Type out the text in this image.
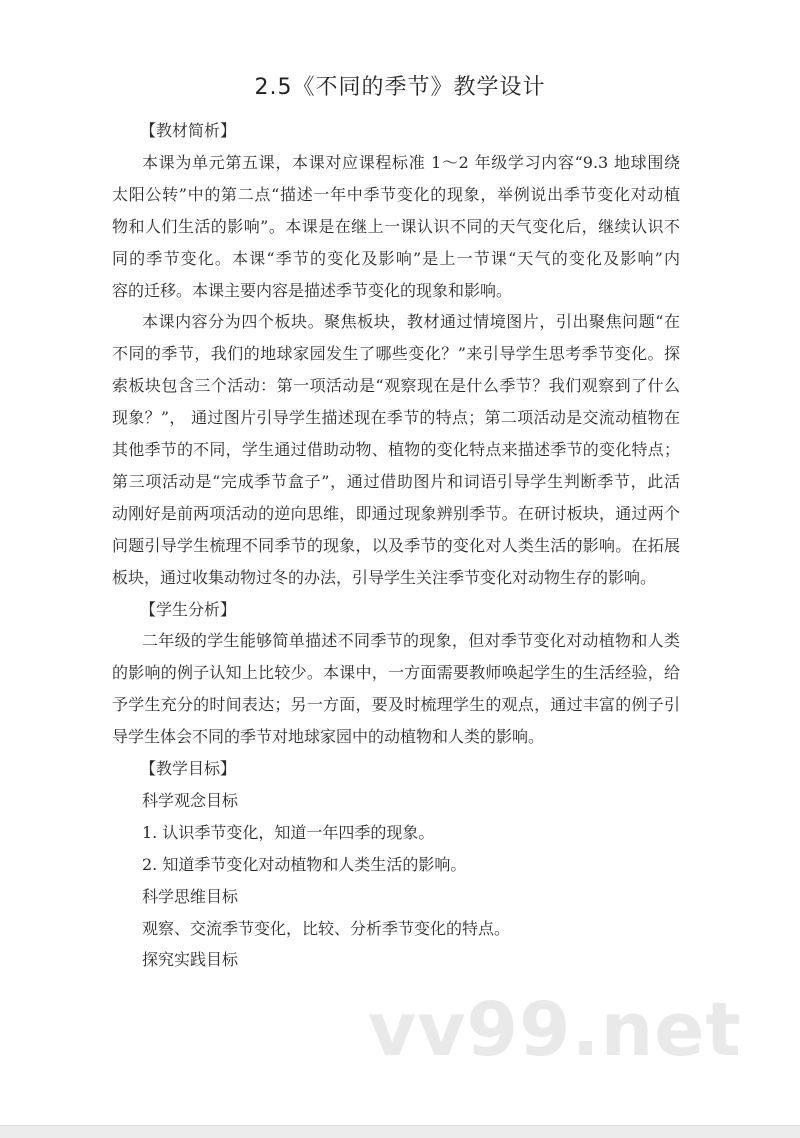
2.5《不同的季节》教学设计
【教材简析】
本课为单元第五课，本课对应课程标准 1～2 年级学习内容“9.3 地球围绕
太阳公转”中的第二点“描述一年中季节变化的现象，举例说出季节变化对动植
物和人们生活的影响”。本课是在继上一课认识不同的天气变化后，继续认识不
同的季节变化。本课“季节的变化及影响”是上一节课“天气的变化及影响”内
容的迁移。本课主要内容是描述季节变化的现象和影响。
本课内容分为四个板块。聚焦板块，教材通过情境图片，引出聚焦问题“在
不同的季节，我们的地球家园发生了哪些变化？”来引导学生思考季节变化。探
索板块包含三个活动：第一项活动是“观察现在是什么季节？我们观察到了什么
现象？”， 通过图片引导学生描述现在季节的特点；第二项活动是交流动植物在
其他季节的不同，学生通过借助动物、植物的变化特点来描述季节的变化特点；
第三项活动是“完成季节盒子”，通过借助图片和词语引导学生判断季节，此活
动刚好是前两项活动的逆向思维，即通过现象辨别季节。在研讨板块，通过两个
问题引导学生梳理不同季节的现象，以及季节的变化对人类生活的影响。在拓展
板块，通过收集动物过冬的办法，引导学生关注季节变化对动物生存的影响。
【学生分析】
二年级的学生能够简单描述不同季节的现象，但对季节变化对动植物和人类
的影响的例子认知上比较少。本课中，一方面需要教师唤起学生的生活经验，给
予学生充分的时间表达；另一方面，要及时梳理学生的观点，通过丰富的例子引
导学生体会不同的季节对地球家园中的动植物和人类的影响。
【教学目标】
科学观念目标
1. 认识季节变化，知道一年四季的现象。
2. 知道季节变化对动植物和人类生活的影响。
科学思维目标
观察、交流季节变化，比较、分析季节变化的特点。
探究实践目标
vv99.net
